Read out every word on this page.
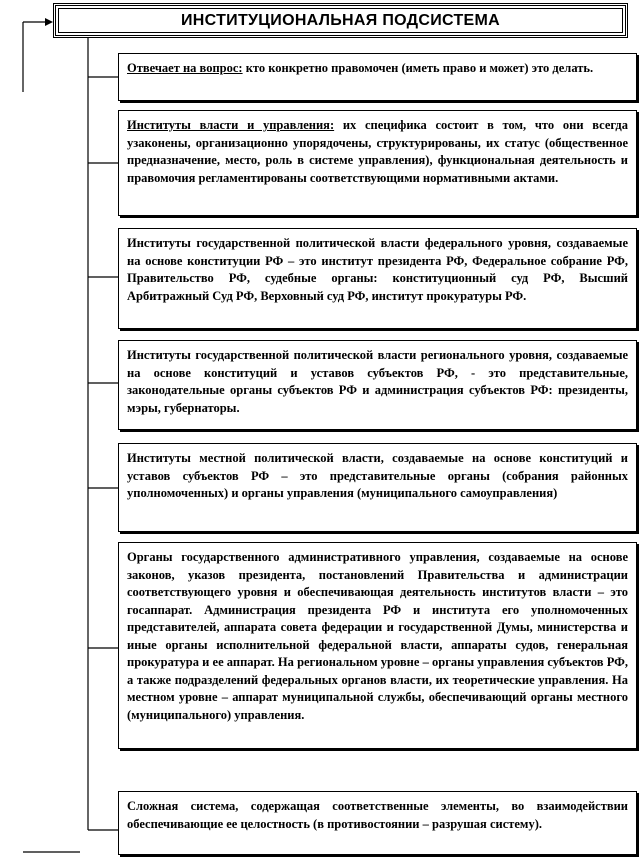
ИНСТИТУЦИОНАЛЬНАЯ ПОДСИСТЕМА
Отвечает на вопрос: кто конкретно правомочен (иметь право и может) это делать.
Институты власти и управления: их специфика состоит в том, что они всегда узаконены, организационно упорядочены, структурированы, их статус (общественное предназначение, место, роль в системе управления), функциональная деятельность и правомочия регламентированы соответствующими нормативными актами.
Институты государственной политической власти федерального уровня, создаваемые на основе конституции РФ – это институт президента РФ, Федеральное собрание РФ, Правительство РФ, судебные органы: конституционный суд РФ, Высший Арбитражный Суд РФ, Верховный суд РФ, институт прокуратуры РФ.
Институты государственной политической власти регионального уровня, создаваемые на основе конституций и уставов субъектов РФ, - это представительные, законодательные органы субъектов РФ и администрация субъектов РФ: президенты, мэры, губернаторы.
Институты местной политической власти, создаваемые на основе конституций и уставов субъектов РФ – это представительные органы (собрания районных уполномоченных) и органы управления (муниципального самоуправления)
Органы государственного административного управления, создаваемые на основе законов, указов президента, постановлений Правительства и администрации соответствующего уровня и обеспечивающая деятельность институтов власти – это госаппарат. Администрация президента РФ и института его уполномоченных представителей, аппарата совета федерации и государственной Думы, министерства и иные органы исполнительной федеральной власти, аппараты судов, генеральная прокуратура и ее аппарат. На региональном уровне – органы управления субъектов РФ, а также подразделений федеральных органов власти, их теоретические управления. На местном уровне – аппарат муниципальной службы, обеспечивающий органы местного (муниципального) управления.
Сложная система, содержащая соответственные элементы, во взаимодействии обеспечивающие ее целостность (в противостоянии – разрушая систему).
